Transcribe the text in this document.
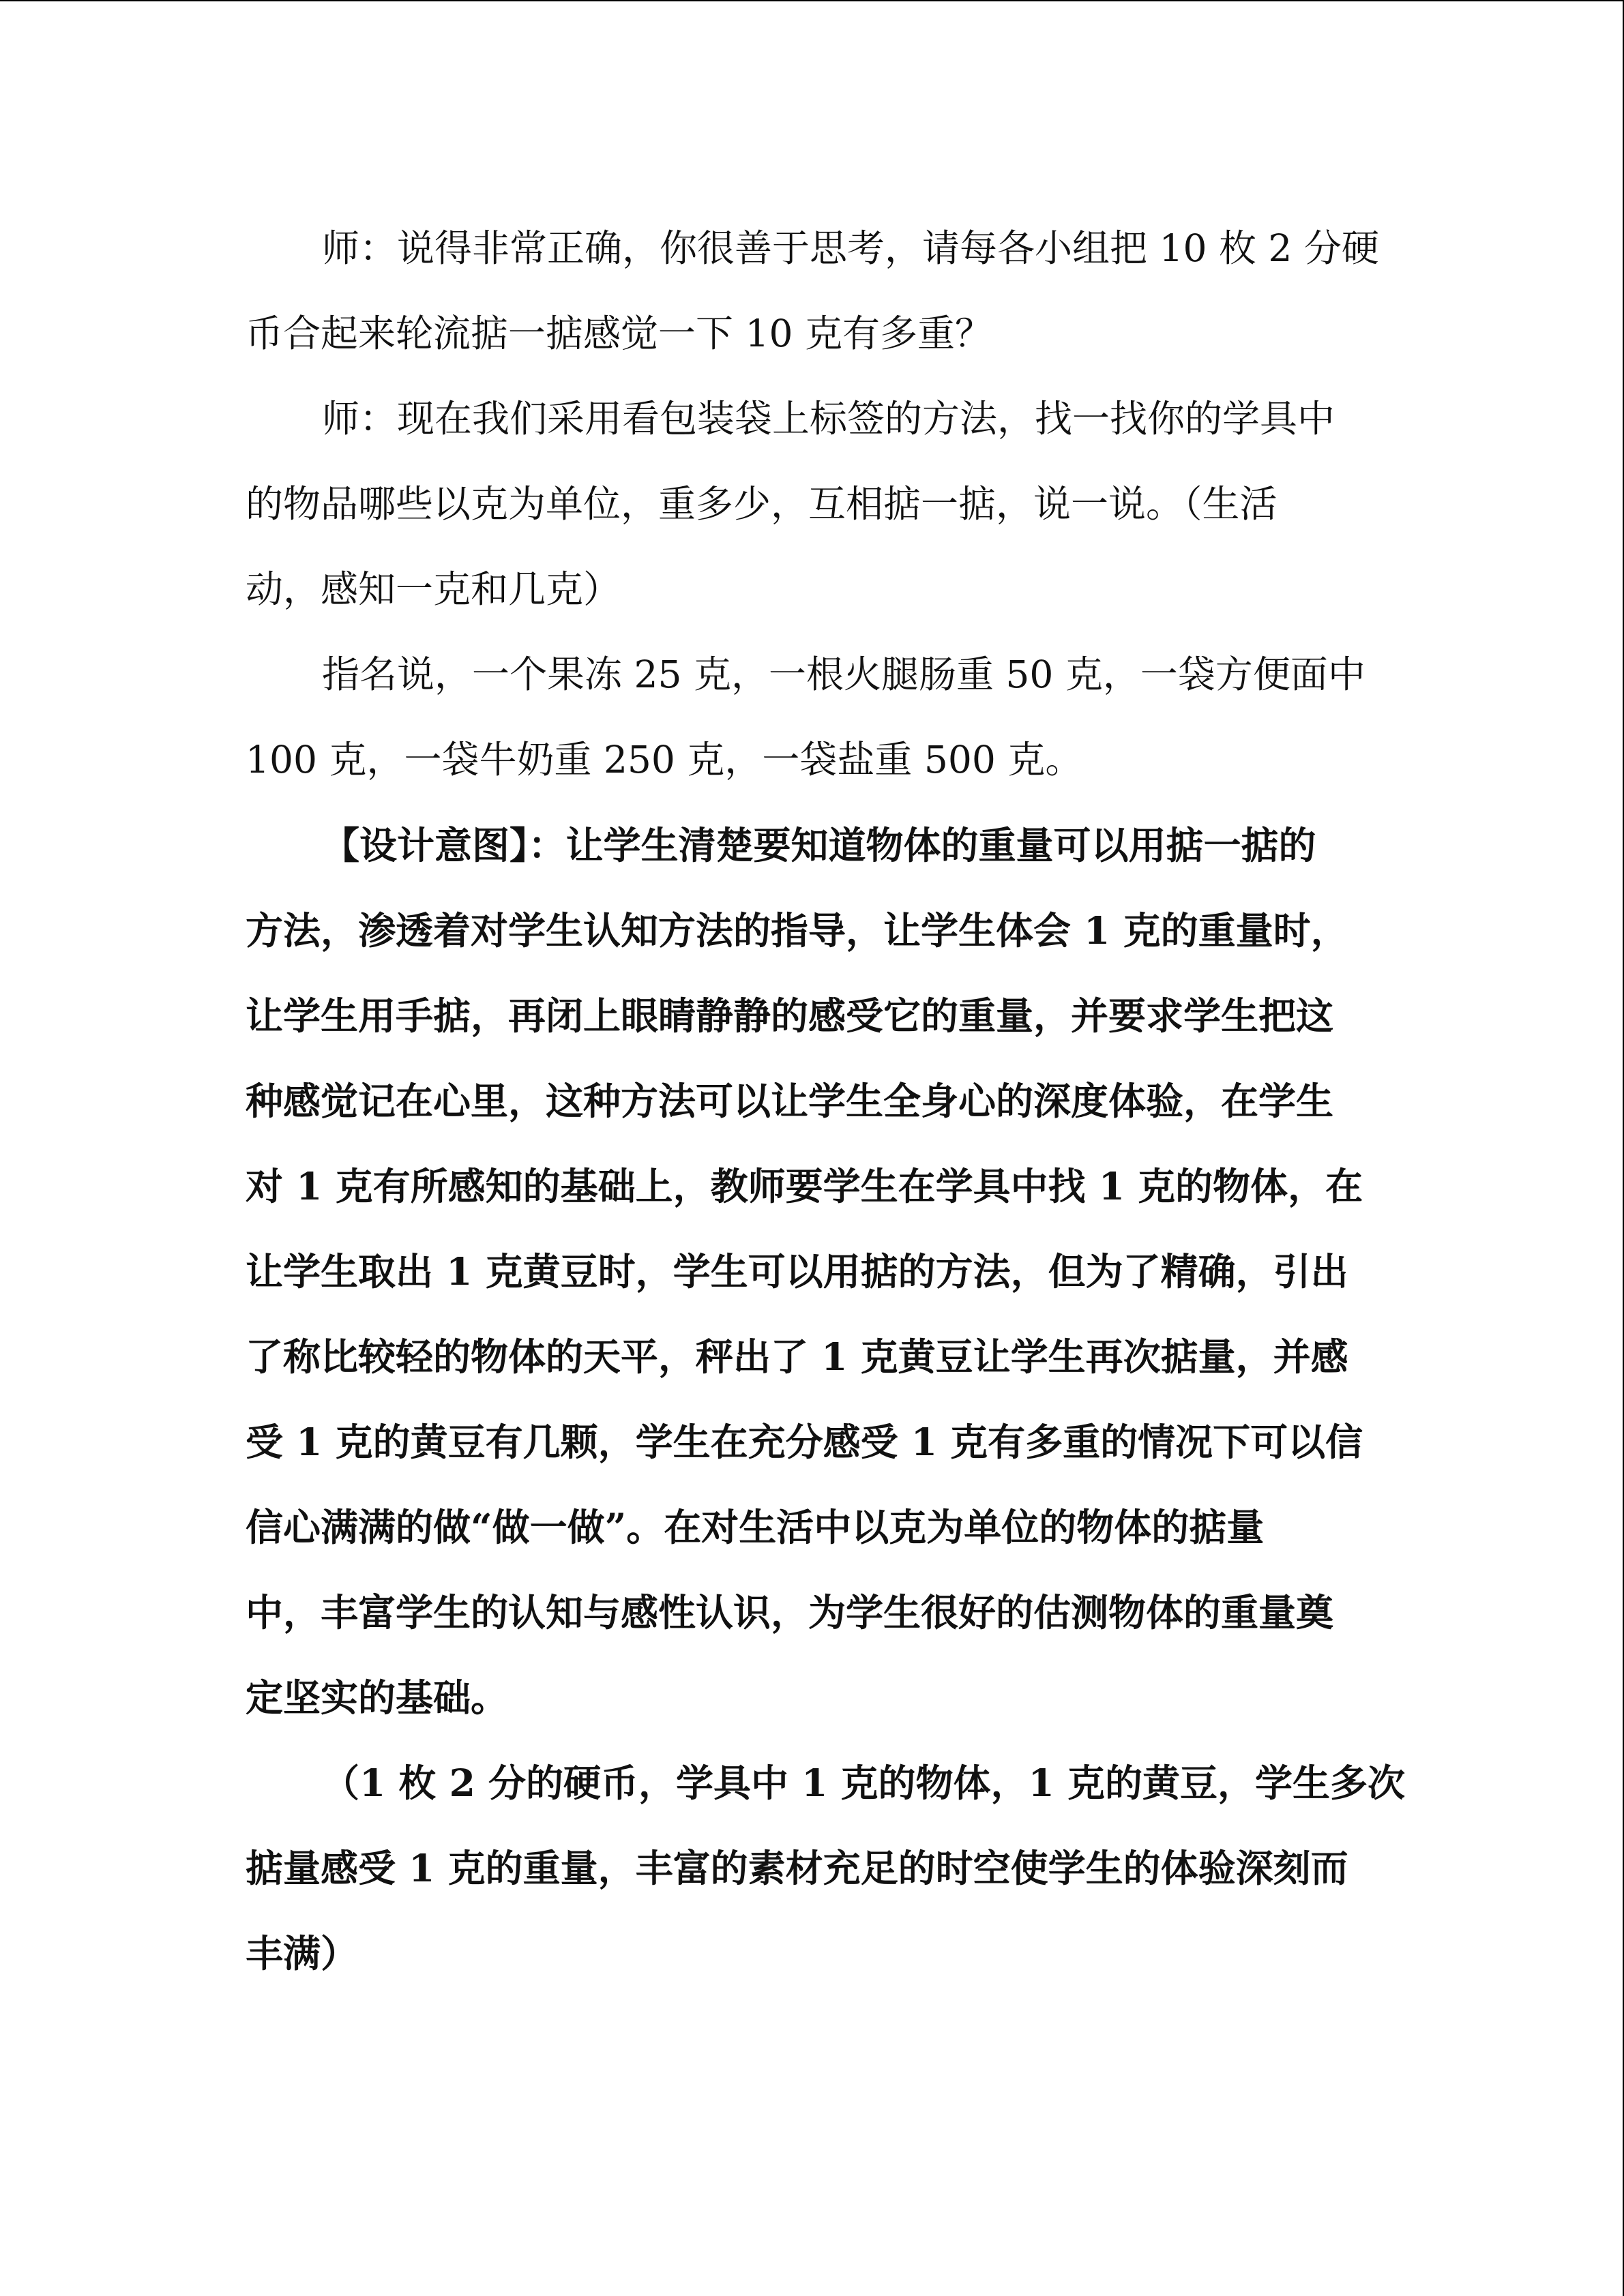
师：说得非常正确，你很善于思考，请每各小组把 10 枚 2 分硬
币合起来轮流掂一掂感觉一下 10 克有多重？
师：现在我们采用看包装袋上标签的方法，找一找你的学具中
的物品哪些以克为单位，重多少，互相掂一掂，说一说。（生活
动，感知一克和几克）
指名说，一个果冻 25 克，一根火腿肠重 50 克，一袋方便面中
100 克，一袋牛奶重 250 克，一袋盐重 500 克。
【设计意图】：让学生清楚要知道物体的重量可以用掂一掂的
方法，渗透着对学生认知方法的指导，让学生体会 1 克的重量时，
让学生用手掂，再闭上眼睛静静的感受它的重量，并要求学生把这
种感觉记在心里，这种方法可以让学生全身心的深度体验，在学生
对 1 克有所感知的基础上，教师要学生在学具中找 1 克的物体，在
让学生取出 1 克黄豆时，学生可以用掂的方法，但为了精确，引出
了称比较轻的物体的天平，秤出了 1 克黄豆让学生再次掂量，并感
受 1 克的黄豆有几颗，学生在充分感受 1 克有多重的情况下可以信
信心满满的做“做一做”。在对生活中以克为单位的物体的掂量
中，丰富学生的认知与感性认识，为学生很好的估测物体的重量奠
定坚实的基础。
（1 枚 2 分的硬币，学具中 1 克的物体，1 克的黄豆，学生多次
掂量感受 1 克的重量，丰富的素材充足的时空使学生的体验深刻而
丰满）
